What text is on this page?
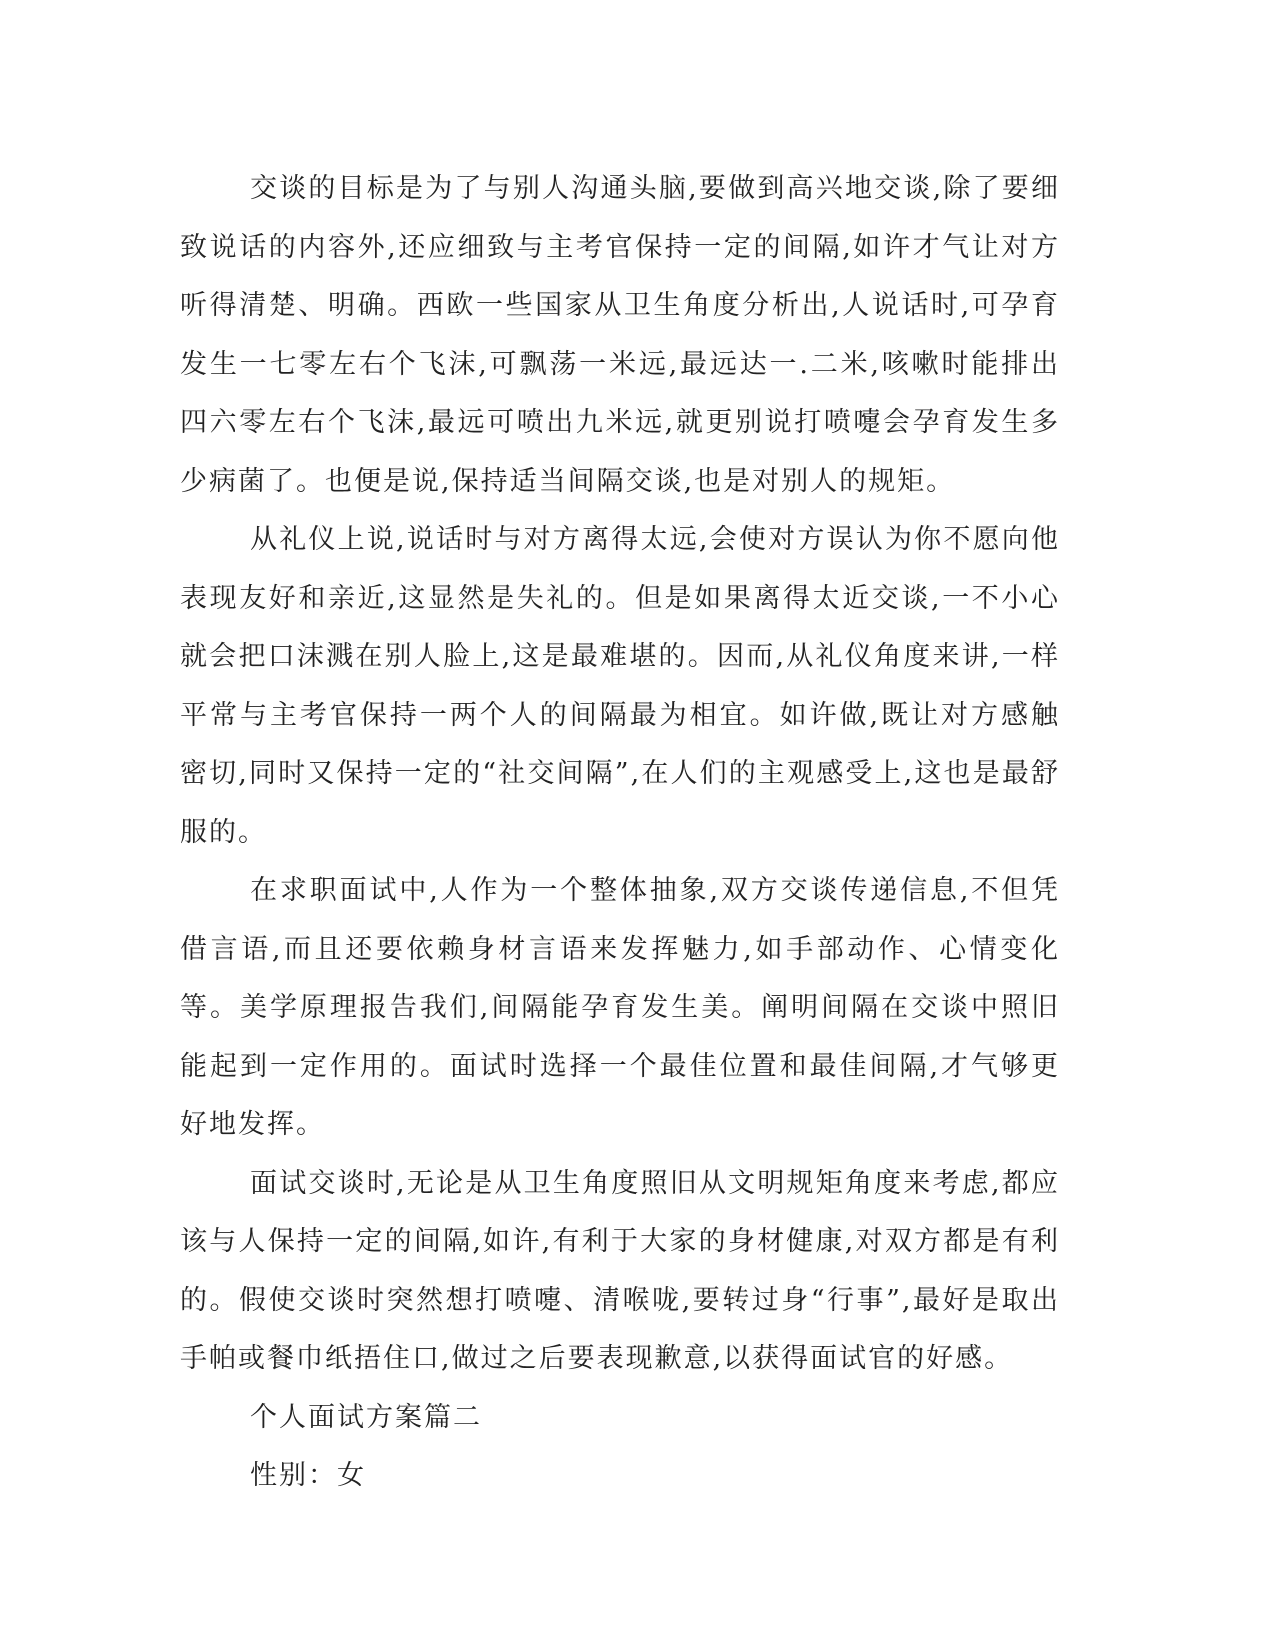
交谈的目标是为了与别人沟通头脑,要做到高兴地交谈,除了要细致说话的内容外,还应细致与主考官保持一定的间隔,如许才气让对方听得清楚、明确。西欧一些国家从卫生角度分析出,人说话时,可孕育发生一七零左右个飞沫,可飘荡一米远,最远达一.二米,咳嗽时能排出四六零左右个飞沫,最远可喷出九米远,就更别说打喷嚏会孕育发生多少病菌了。也便是说,保持适当间隔交谈,也是对别人的规矩。

从礼仪上说,说话时与对方离得太远,会使对方误认为你不愿向他表现友好和亲近,这显然是失礼的。但是如果离得太近交谈,一不小心就会把口沫溅在别人脸上,这是最难堪的。因而,从礼仪角度来讲,一样平常与主考官保持一两个人的间隔最为相宜。如许做,既让对方感触密切,同时又保持一定的“社交间隔”,在人们的主观感受上,这也是最舒服的。

在求职面试中,人作为一个整体抽象,双方交谈传递信息,不但凭借言语,而且还要依赖身材言语来发挥魅力,如手部动作、心情变化等。美学原理报告我们,间隔能孕育发生美。阐明间隔在交谈中照旧能起到一定作用的。面试时选择一个最佳位置和最佳间隔,才气够更好地发挥。

面试交谈时,无论是从卫生角度照旧从文明规矩角度来考虑,都应该与人保持一定的间隔,如许,有利于大家的身材健康,对双方都是有利的。假使交谈时突然想打喷嚏、清喉咙,要转过身“行事”,最好是取出手帕或餐巾纸捂住口,做过之后要表现歉意,以获得面试官的好感。

个人面试方案篇二

性别：女
